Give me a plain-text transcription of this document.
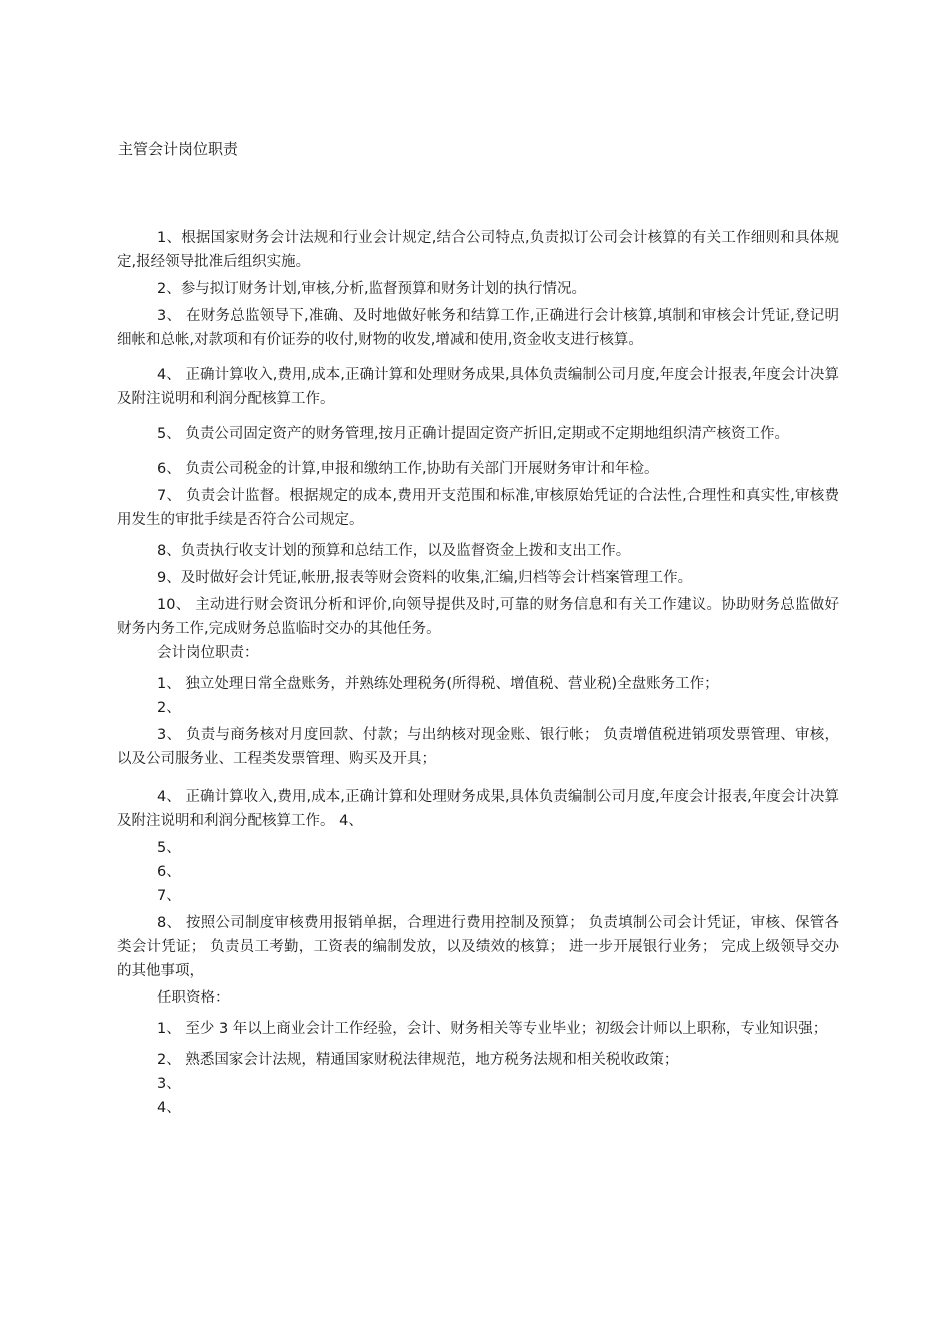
主管会计岗位职责

1、根据国家财务会计法规和行业会计规定,结合公司特点,负责拟订公司会计核算的有关工作细则和具体规定,报经领导批准后组织实施。

2、参与拟订财务计划,审核,分析,监督预算和财务计划的执行情况。

3、 在财务总监领导下,准确、及时地做好帐务和结算工作,正确进行会计核算,填制和审核会计凭证,登记明细帐和总帐,对款项和有价证券的收付,财物的收发,增减和使用,资金收支进行核算。

4、 正确计算收入,费用,成本,正确计算和处理财务成果,具体负责编制公司月度,年度会计报表,年度会计决算及附注说明和利润分配核算工作。

5、 负责公司固定资产的财务管理,按月正确计提固定资产折旧,定期或不定期地组织清产核资工作。

6、 负责公司税金的计算,申报和缴纳工作,协助有关部门开展财务审计和年检。

7、 负责会计监督。根据规定的成本,费用开支范围和标准,审核原始凭证的合法性,合理性和真实性,审核费用发生的审批手续是否符合公司规定。

8、负责执行收支计划的预算和总结工作，以及监督资金上拨和支出工作。

9、及时做好会计凭证,帐册,报表等财会资料的收集,汇编,归档等会计档案管理工作。

10、 主动进行财会资讯分析和评价,向领导提供及时,可靠的财务信息和有关工作建议。协助财务总监做好财务内务工作,完成财务总监临时交办的其他任务。

会计岗位职责：

1、 独立处理日常全盘账务，并熟练处理税务(所得税、增值税、营业税)全盘账务工作；

2、

3、 负责与商务核对月度回款、付款；与出纳核对现金账、银行帐； 负责增值税进销项发票管理、审核，以及公司服务业、工程类发票管理、购买及开具；

4、 正确计算收入,费用,成本,正确计算和处理财务成果,具体负责编制公司月度,年度会计报表,年度会计决算及附注说明和利润分配核算工作。 4、

5、

6、

7、

8、 按照公司制度审核费用报销单据，合理进行费用控制及预算； 负责填制公司会计凭证，审核、保管各类会计凭证； 负责员工考勤，工资表的编制发放，以及绩效的核算； 进一步开展银行业务； 完成上级领导交办的其他事项，

任职资格：

1、 至少 3 年以上商业会计工作经验，会计、财务相关等专业毕业；初级会计师以上职称，专业知识强；

2、 熟悉国家会计法规，精通国家财税法律规范，地方税务法规和相关税收政策；

3、

4、
